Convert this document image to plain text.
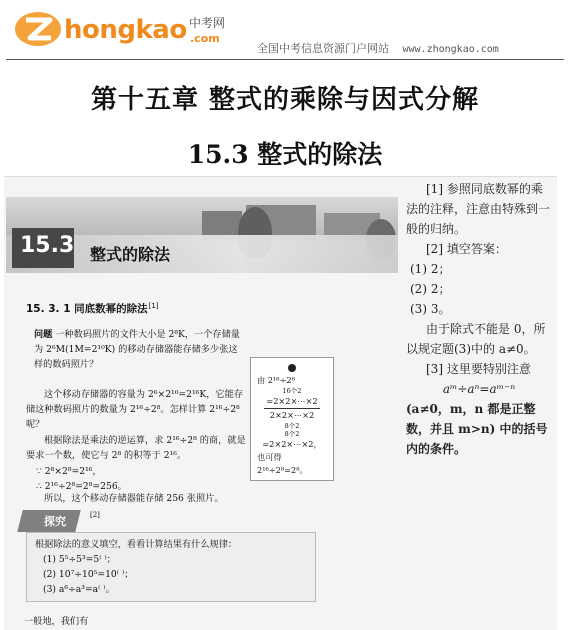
hongkao 中考网
.com
全国中考信息资源门户网站 www.zhongkao.com
第十五章 整式的乘除与因式分解
15.3 整式的除法
15.3 整式的除法
15. 3. 1 同底数幂的除法[1]
问题 一种数码照片的文件大小是 2⁸K，一个存储量为 2⁶M(1M=2¹⁰K) 的移动存储器能存储多少张这样的数码照片？

这个移动存储器的容量为 2⁶×2¹⁰=2¹⁶K，它能存储这种数码照片的数量为 2¹⁶÷2⁸。怎样计算 2¹⁶÷2⁸ 呢？

根据除法是乘法的逆运算，求 2¹⁶÷2⁸ 的商，就是要求一个数，使它与 2⁸ 的积等于 2¹⁶。

∵ 2⁸×2⁸=2¹⁶，
∴ 2¹⁶÷2⁸=2⁸=256。
所以，这个移动存储器能存储 256 张照片。
由 2¹⁶÷2⁸
16个2
=2×2×⋯×2
2×2×⋯×2
8个2
8个2
=2×2×⋯×2，
也可得
2¹⁶÷2⁸=2⁸。
探究	[2]
根据除法的意义填空，看看计算结果有什么规律：
(1) 5⁵÷5³=5⁽ ⁾；
(2) 10⁷÷10⁵=10⁽ ⁾；
(3) a⁶÷a³=a⁽ ⁾。
一般地，我们有

[1] 参照同底数幂的乘法的注释，注意由特殊到一般的归纳。

[2] 填空答案：

(1) 2；
(2) 2；
(3) 3。

由于除式不能是 0，所以规定题(3)中的 a≠0。

[3] 这里要特别注意

aᵐ÷aⁿ=aᵐ⁻ⁿ
(a≠0，m，n 都是正整数，并且 m>n) 中的括号内的条件。
